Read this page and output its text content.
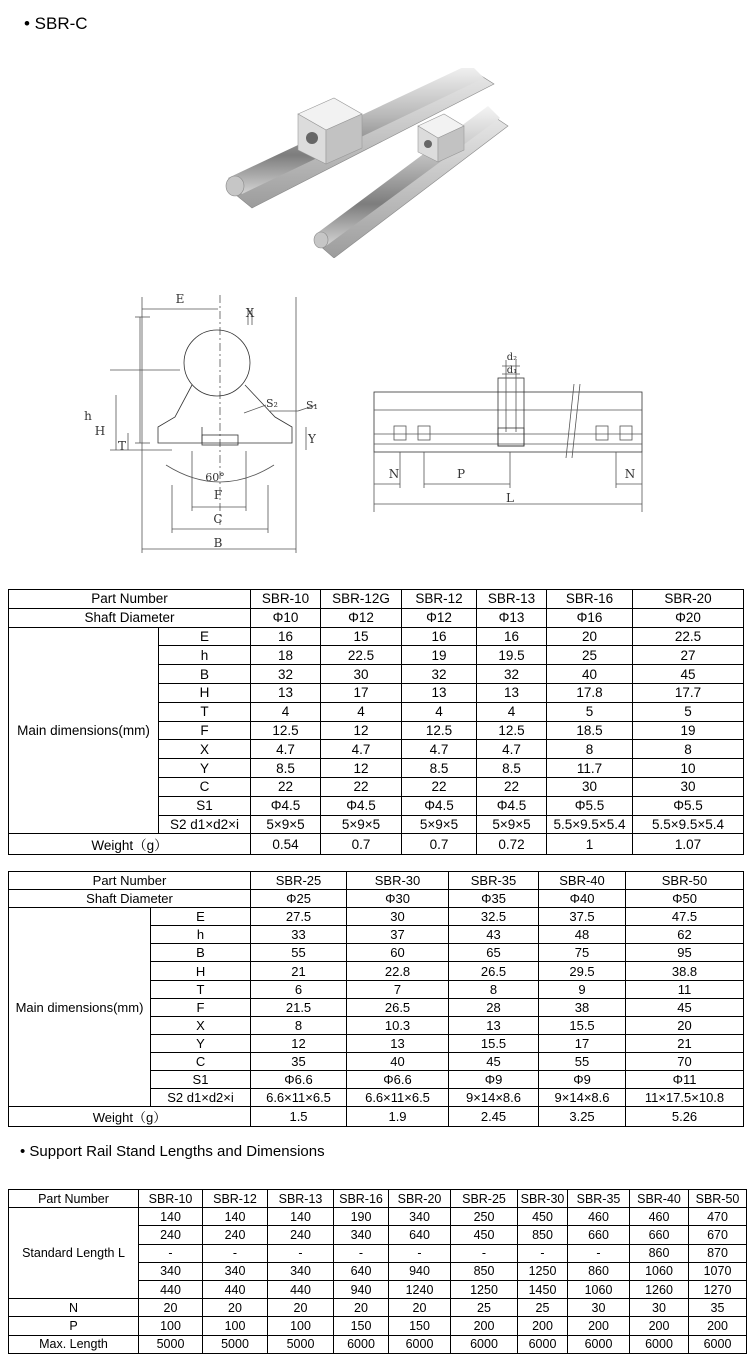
• SBR-C
E
X
h
H
T	Y
60°
F
C
B
S₂	S₁
d₂
d₁
N	P	N
L
Part Number		SBR-10	SBR-12G	SBR-12	SBR-13	SBR-16	SBR-20
Shaft Diameter		Φ10	Φ12	Φ12	Φ13	Φ16	Φ20
Main dimensions(mm)	E	16	15	16	16	20	22.5
	h	18	22.5	19	19.5	25	27
	B	32	30	32	32	40	45
	H	13	17	13	13	17.8	17.7
	T	4	4	4	4	5	5
	F	12.5	12	12.5	12.5	18.5	19
	X	4.7	4.7	4.7	4.7	8	8
	Y	8.5	12	8.5	8.5	11.7	10
	C	22	22	22	22	30	30
	S1	Φ4.5	Φ4.5	Φ4.5	Φ4.5	Φ5.5	Φ5.5
	S2 d1×d2×i	5×9×5	5×9×5	5×9×5	5×9×5	5.5×9.5×5.4	5.5×9.5×5.4
Weight（g）		0.54	0.7	0.7	0.72	1	1.07
Part Number		SBR-25	SBR-30	SBR-35	SBR-40	SBR-50
Shaft Diameter		Φ25	Φ30	Φ35	Φ40	Φ50
Main dimensions(mm)	E	27.5	30	32.5	37.5	47.5
	h	33	37	43	48	62
	B	55	60	65	75	95
	H	21	22.8	26.5	29.5	38.8
	T	6	7	8	9	11
	F	21.5	26.5	28	38	45
	X	8	10.3	13	15.5	20
	Y	12	13	15.5	17	21
	C	35	40	45	55	70
	S1	Φ6.6	Φ6.6	Φ9	Φ9	Φ11
	S2 d1×d2×i	6.6×11×6.5	6.6×11×6.5	9×14×8.6	9×14×8.6	11×17.5×10.8
Weight（g）		1.5	1.9	2.45	3.25	5.26
• Support Rail Stand Lengths and Dimensions
Part Number	SBR-10	SBR-12	SBR-13	SBR-16	SBR-20	SBR-25	SBR-30	SBR-35	SBR-40	SBR-50
Standard Length L	140	140	140	190	340	250	450	460	460	470
	240	240	240	340	640	450	850	660	660	670
	-	-	-	-	-	-	-	-	860	870
	340	340	340	640	940	850	1250	860	1060	1070
	440	440	440	940	1240	1250	1450	1060	1260	1270
N	20	20	20	20	20	25	25	30	30	35
P	100	100	100	150	150	200	200	200	200	200
Max. Length	5000	5000	5000	6000	6000	6000	6000	6000	6000	6000
